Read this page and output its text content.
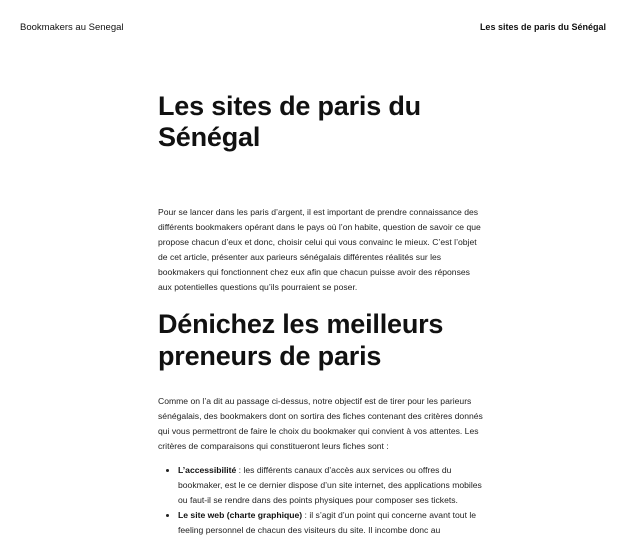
Bookmakers au Senegal	Les sites de paris du Sénégal
Les sites de paris du Sénégal

Pour se lancer dans les paris d’argent, il est important de prendre connaissance des différents bookmakers opérant dans le pays où l’on habite, question de savoir ce que propose chacun d’eux et donc, choisir celui qui vous convainc le mieux. C’est l’objet de cet article, présenter aux parieurs sénégalais différentes réalités sur les bookmakers qui fonctionnent chez eux afin que chacun puisse avoir des réponses aux potentielles questions qu’ils pourraient se poser.

Dénichez les meilleurs preneurs de paris

Comme on l’a dit au passage ci-dessus, notre objectif est de tirer pour les parieurs sénégalais, des bookmakers dont on sortira des fiches contenant des critères donnés qui vous permettront de faire le choix du bookmaker qui convient à vos attentes. Les critères de comparaisons qui constitueront leurs fiches sont :

• L’accessibilité : les différents canaux d’accès aux services ou offres du bookmaker, est le ce dernier dispose d’un site internet, des applications mobiles ou faut-il se rendre dans des points physiques pour composer ses tickets.
• Le site web (charte graphique) : il s’agit d’un point qui concerne avant tout le feeling personnel de chacun des visiteurs du site. Il incombe donc au
